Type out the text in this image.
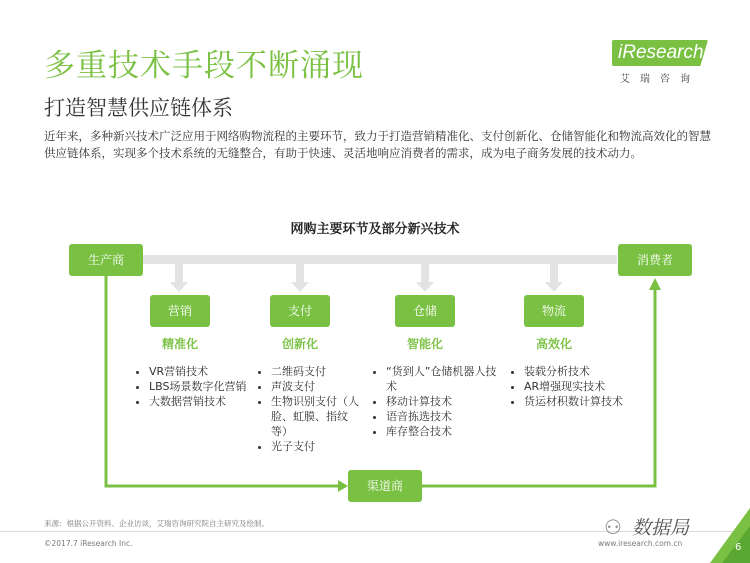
多重技术手段不断涌现
打造智慧供应链体系

近年来，多种新兴技术广泛应用于网络购物流程的主要环节，致力于打造营销精准化、支付创新化、仓储智能化和物流高效化的智慧供应链体系，实现多个技术系统的无缝整合，有助于快速、灵活地响应消费者的需求，成为电子商务发展的技术动力。

iResearch
艾瑞咨询
网购主要环节及部分新兴技术
生产商	消费者
渠道商
营销	支付	仓储	物流
精准化	创新化	智能化	高效化
• VR营销技术
• LBS场景数字化营销
• 大数据营销技术
• 二维码支付
• 声波支付
• 生物识别支付（人脸、虹膜、指纹等）
• 光子支付
• “货到人”仓储机器人技术
• 移动计算技术
• 语音拣选技术
• 库存整合技术
• 装载分析技术
• AR增强现实技术
• 货运材积数计算技术
来源：根据公开资料、企业访谈，艾瑞咨询研究院自主研究及绘制。
©2017.7 iResearch Inc.	www.iresearch.com.cn
⚇ 数据局
6
